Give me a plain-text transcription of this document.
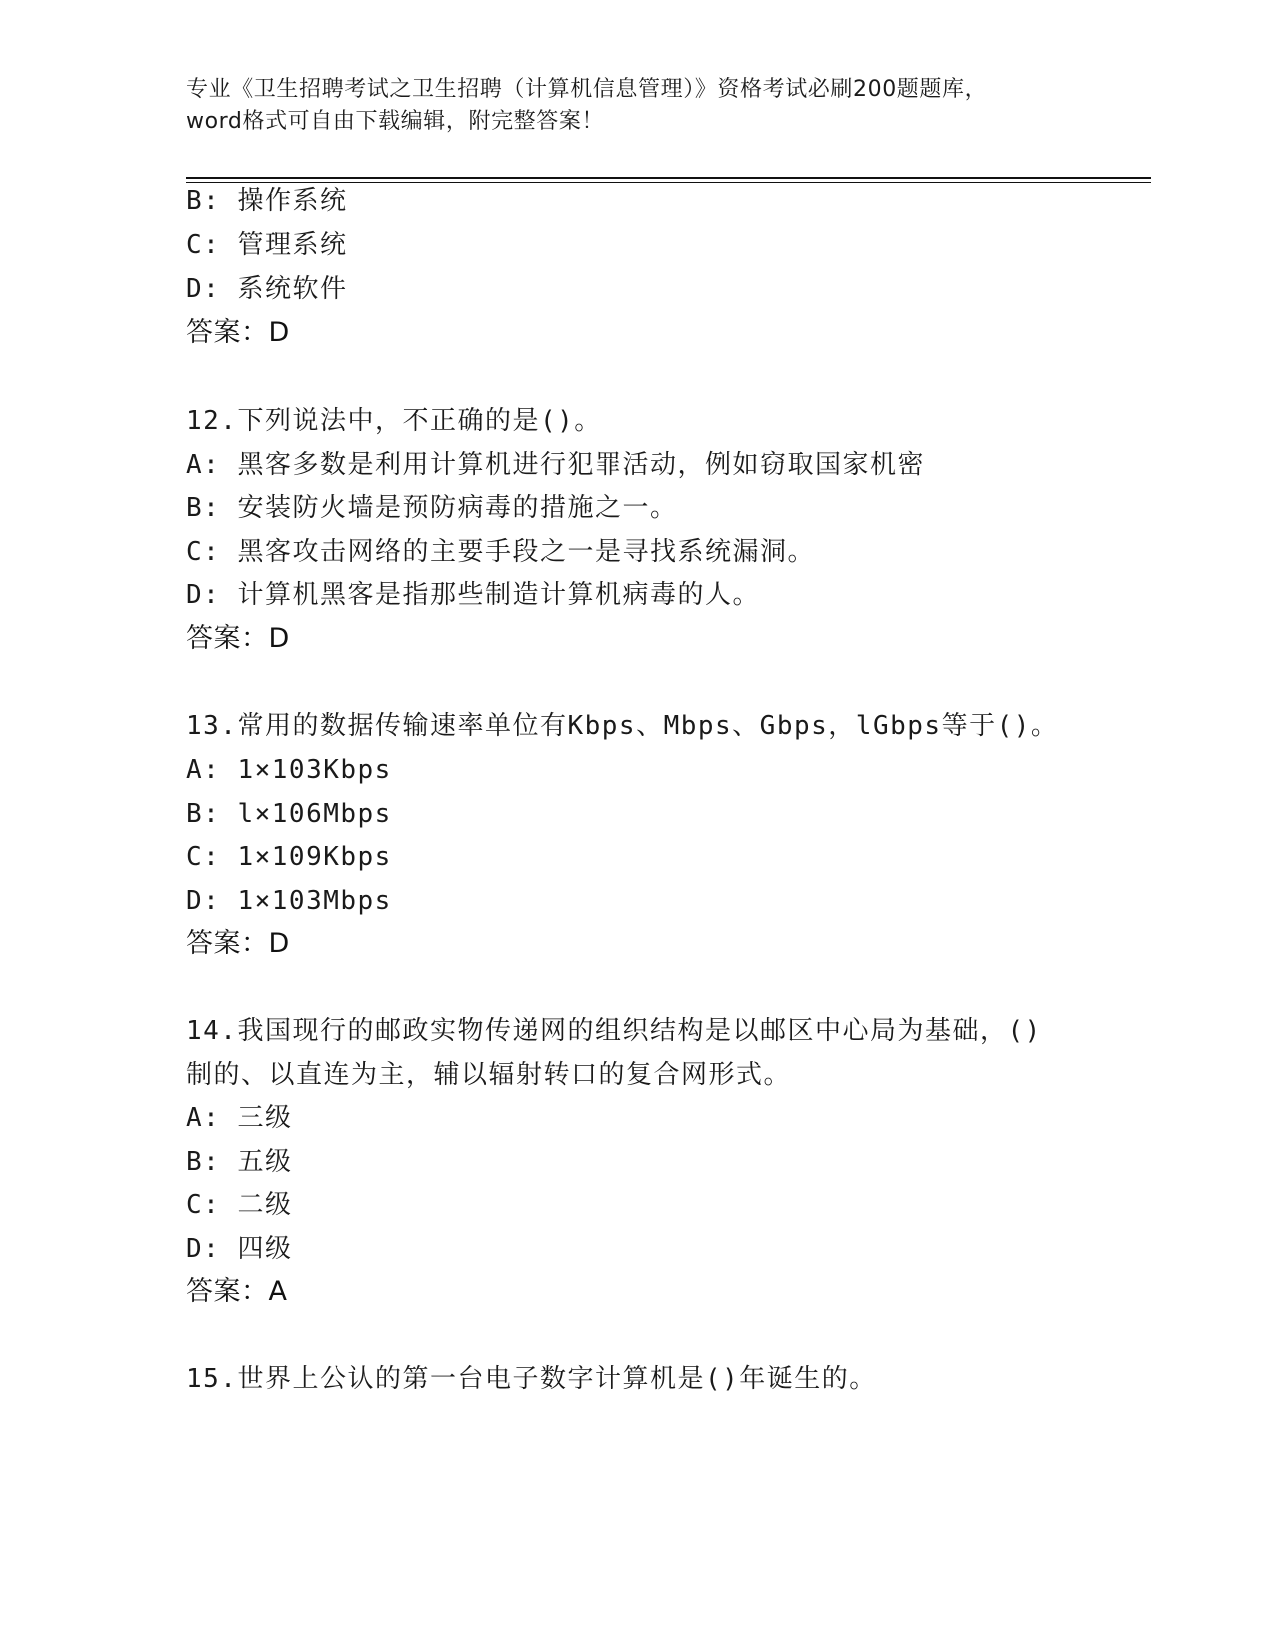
专业《卫生招聘考试之卫生招聘（计算机信息管理）》资格考试必刷200题题库，
word格式可自由下载编辑，附完整答案！
B: 操作系统
C: 管理系统
D: 系统软件
答案：D
12.下列说法中，不正确的是()。
A: 黑客多数是利用计算机进行犯罪活动，例如窃取国家机密
B: 安装防火墙是预防病毒的措施之一。
C: 黑客攻击网络的主要手段之一是寻找系统漏洞。
D: 计算机黑客是指那些制造计算机病毒的人。
答案：D
13.常用的数据传输速率单位有Kbps、Mbps、Gbps，lGbps等于()。
A: 1×103Kbps
B: l×106Mbps
C: 1×109Kbps
D: 1×103Mbps
答案：D
14.我国现行的邮政实物传递网的组织结构是以邮区中心局为基础，()
制的、以直连为主，辅以辐射转口的复合网形式。
A: 三级
B: 五级
C: 二级
D: 四级
答案：A
15.世界上公认的第一台电子数字计算机是()年诞生的。
